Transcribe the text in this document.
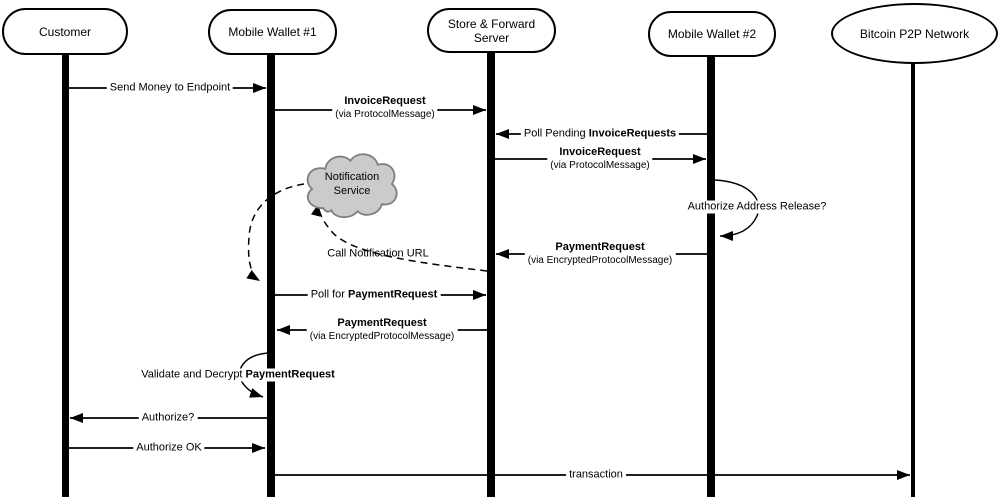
Customer	Mobile Wallet #1
Store & Forward Server	Mobile Wallet #2	Bitcoin P2P Network
Notification
Service
Send Money to Endpoint
InvoiceRequest
(via ProtocolMessage)
Poll Pending InvoiceRequests
InvoiceRequest
(via ProtocolMessage)
Authorize Address Release?
PaymentRequest
(via EncryptedProtocolMessage)
Call Notification URL
Poll for PaymentRequest
PaymentRequest
(via EncryptedProtocolMessage)
Validate and Decrypt PaymentRequest
Authorize?
Authorize OK
transaction
